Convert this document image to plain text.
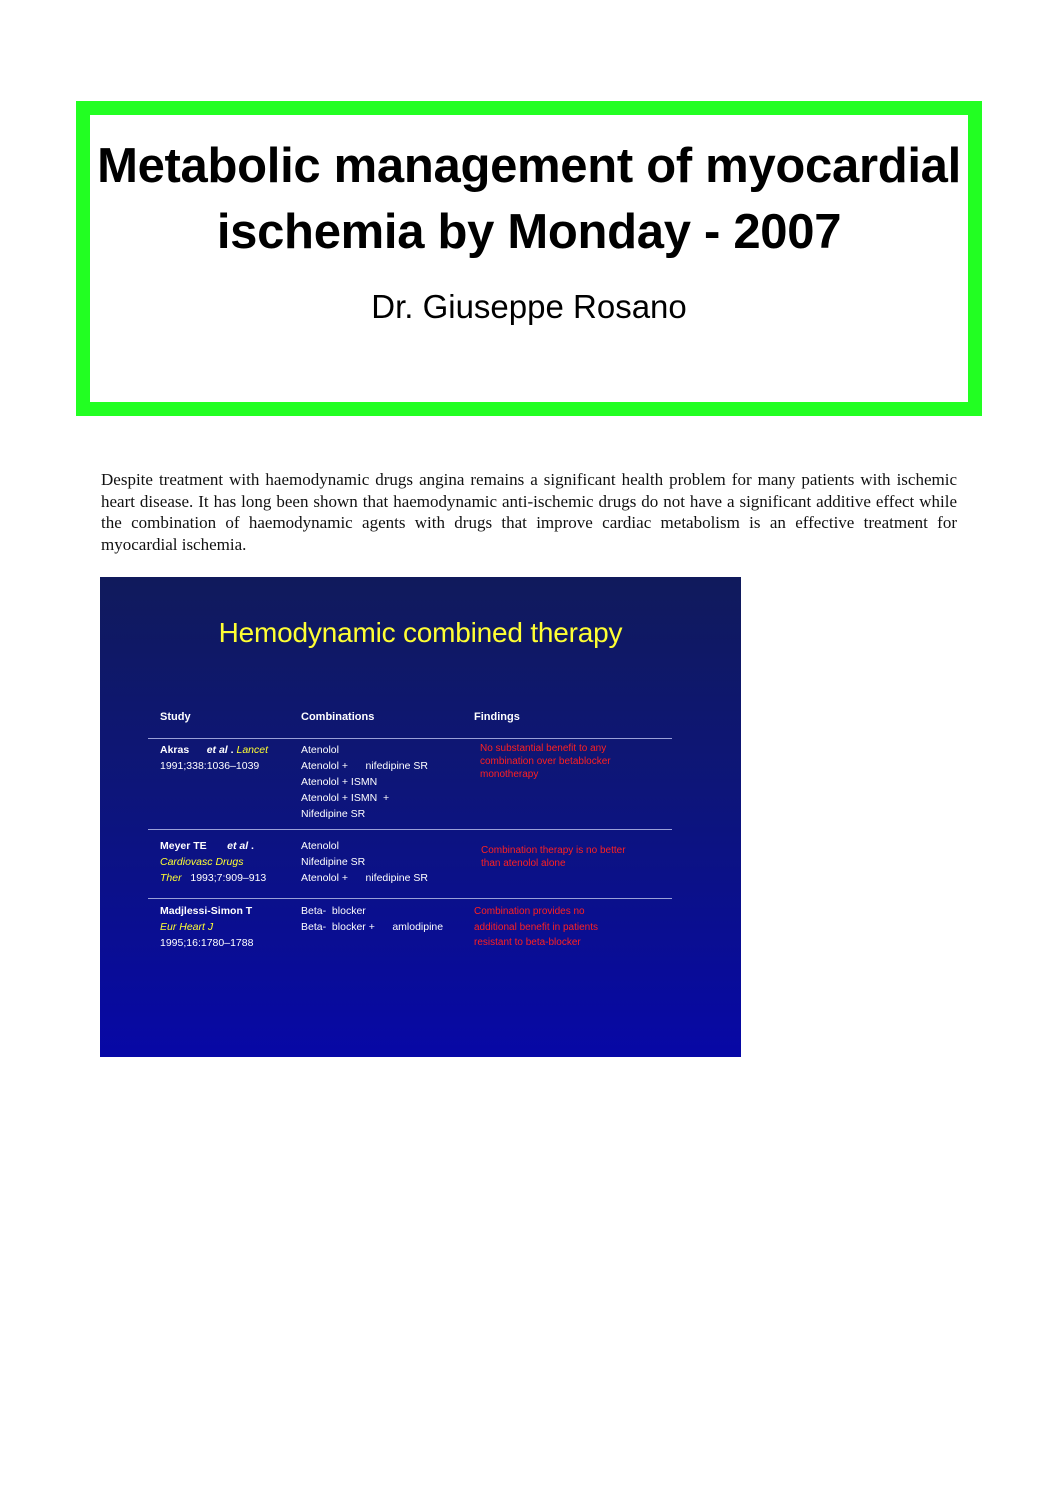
Metabolic management of myocardial ischemia by Monday - 2007
Dr. Giuseppe Rosano
Despite treatment with haemodynamic drugs angina remains a significant health problem for many patients with ischemic heart disease. It has long been shown that haemodynamic anti-ischemic drugs do not have a significant additive effect while the combination of haemodynamic agents with drugs that improve cardiac metabolism is an effective treatment for myocardial ischemia.
Hemodynamic combined therapy
Study	Combinations	Findings
Akras et al . Lancet
1991;338:1036–1039
Atenolol
Atenolol +      nifedipine SR
Atenolol + ISMN
Atenolol + ISMN  +
Nifedipine SR
No substantial benefit to any
combination over betablocker
monotherapy
Meyer TE et al .
Cardiovasc Drugs
Ther 1993;7:909–913
Atenolol
Nifedipine SR
Atenolol +      nifedipine SR
Combination therapy is no better
than atenolol alone
Madjlessi-Simon T
Eur Heart J
1995;16:1780–1788
Beta-  blocker
Beta-  blocker +      amlodipine
Combination provides no
additional benefit in patients
resistant to beta-blocker
